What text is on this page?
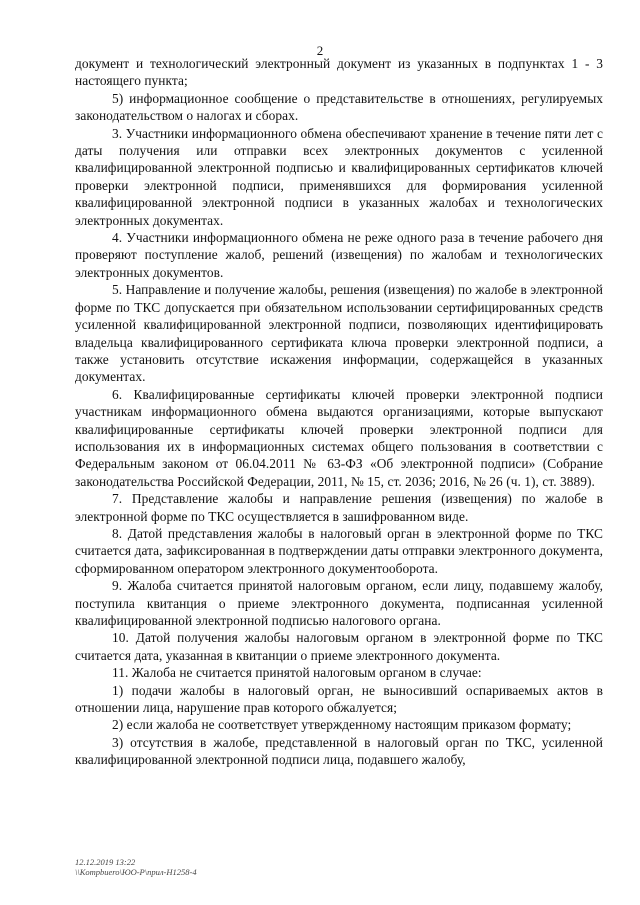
2

документ и технологический электронный документ из указанных в подпунктах 1 - 3 настоящего пункта;

5) информационное сообщение о представительстве в отношениях, регулируемых законодательством о налогах и сборах.

3. Участники информационного обмена обеспечивают хранение в течение пяти лет с даты получения или отправки всех электронных документов с усиленной квалифицированной электронной подписью и квалифицированных сертификатов ключей проверки электронной подписи, применявшихся для формирования усиленной квалифицированной электронной подписи в указанных жалобах и технологических электронных документах.

4. Участники информационного обмена не реже одного раза в течение рабочего дня проверяют поступление жалоб, решений (извещения) по жалобам и технологических электронных документов.

5. Направление и получение жалобы, решения (извещения) по жалобе в электронной форме по ТКС допускается при обязательном использовании сертифицированных средств усиленной квалифицированной электронной подписи, позволяющих идентифицировать владельца квалифицированного сертификата ключа проверки электронной подписи, а также установить отсутствие искажения информации, содержащейся в указанных документах.

6. Квалифицированные сертификаты ключей проверки электронной подписи участникам информационного обмена выдаются организациями, которые выпускают квалифицированные сертификаты ключей проверки электронной подписи для использования их в информационных системах общего пользования в соответствии с Федеральным законом от 06.04.2011 № 63-ФЗ «Об электронной подписи» (Собрание законодательства Российской Федерации, 2011, № 15, ст. 2036; 2016, № 26 (ч. 1), ст. 3889).

7. Представление жалобы и направление решения (извещения) по жалобе в электронной форме по ТКС осуществляется в зашифрованном виде.

8. Датой представления жалобы в налоговый орган в электронной форме по ТКС считается дата, зафиксированная в подтверждении даты отправки электронного документа, сформированном оператором электронного документооборота.

9. Жалоба считается принятой налоговым органом, если лицу, подавшему жалобу, поступила квитанция о приеме электронного документа, подписанная усиленной квалифицированной электронной подписью налогового органа.

10. Датой получения жалобы налоговым органом в электронной форме по ТКС считается дата, указанная в квитанции о приеме электронного документа.

11. Жалоба не считается принятой налоговым органом в случае:

1) подачи жалобы в налоговый орган, не выносивший оспариваемых актов в отношении лица, нарушение прав которого обжалуется;

2) если жалоба не соответствует утвержденному настоящим приказом формату;

3) отсутствия в жалобе, представленной в налоговый орган по ТКС, усиленной квалифицированной электронной подписи лица, подавшего жалобу,

12.12.2019 13:22
\\Kompbuero\ЮО-Р\прил-Н1258-4
